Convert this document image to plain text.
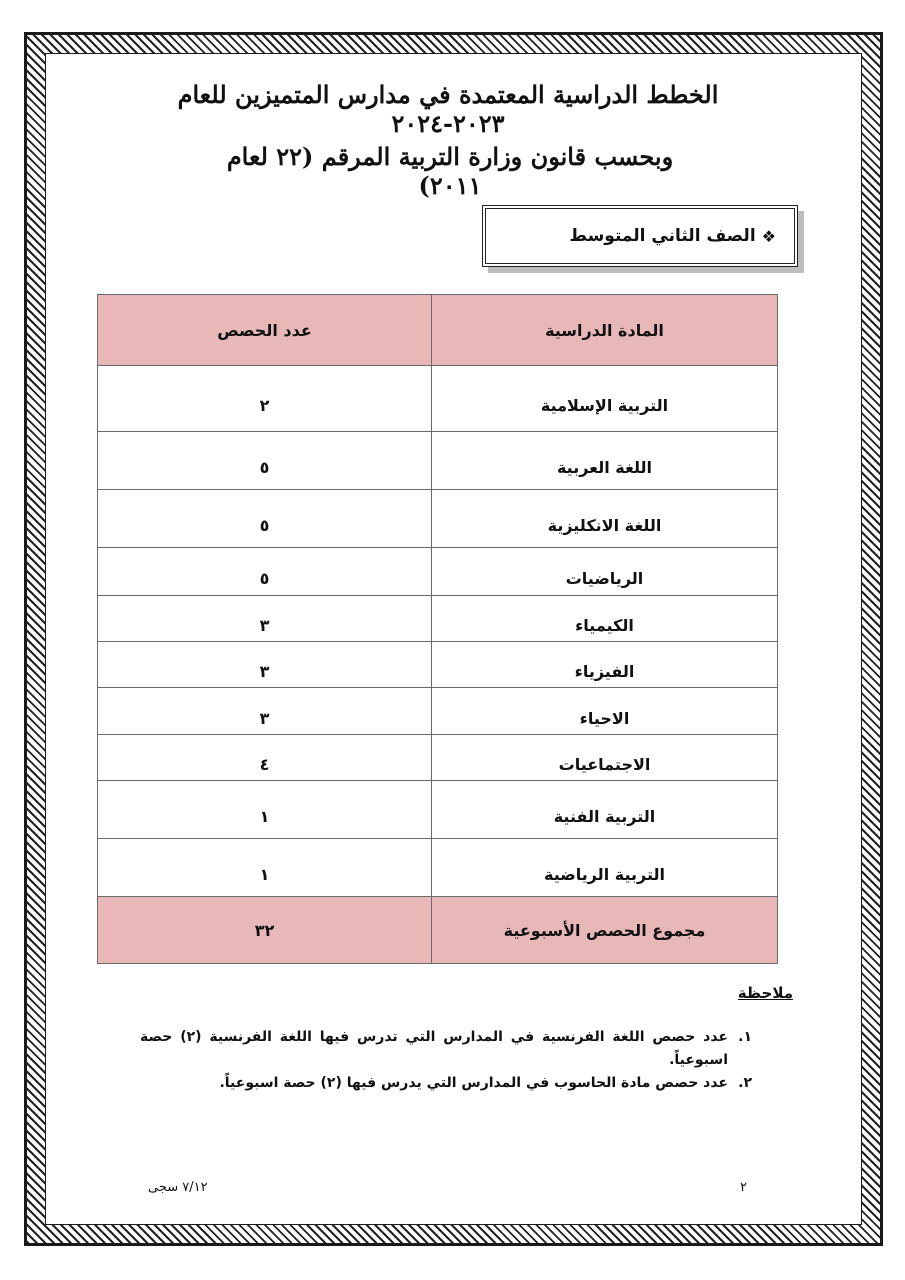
الخطط الدراسية المعتمدة في مدارس المتميزين للعام ٢٠٢٣-٢٠٢٤
وبحسب قانون وزارة التربية المرقم (٢٢ لعام ٢٠١١)
❖
الصف الثاني المتوسط
المادة الدراسية	عدد الحصص

التربية الإسلامية	٢

اللغة العربية	٥

اللغة الانكليزية	٥

الرياضيات	٥

الكيمياء	٣

الفيزياء	٣

الاحياء	٣

الاجتماعيات	٤

التربية الفنية	١

التربية الرياضية	١

مجموع الحصص الأسبوعية	٣٢
ملاحظة
١.
عدد حصص اللغة الفرنسية في المدارس التي تدرس فيها اللغة الفرنسية (٢) حصة اسبوعياً.
٢.
عدد حصص مادة الحاسوب في المدارس التي يدرس فيها (٢) حصة اسبوعياً.
٢
٧/١٢ سجى
